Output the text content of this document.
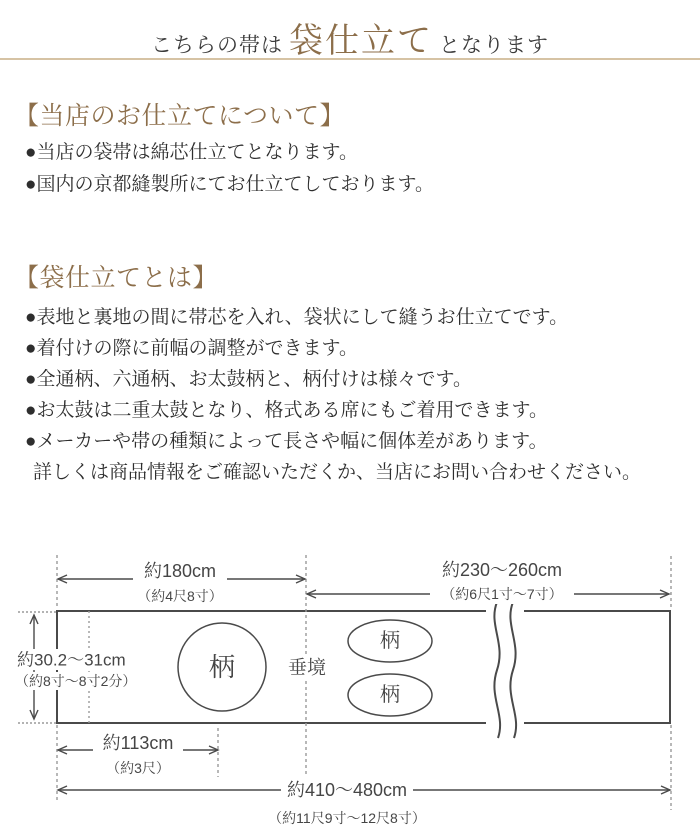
こちらの帯は 袋仕立て となります
【当店のお仕立てについて】
●当店の袋帯は綿芯仕立てとなります。
●国内の京都縫製所にてお仕立てしております。
【袋仕立てとは】
●表地と裏地の間に帯芯を入れ、袋状にして縫うお仕立てです。
●着付けの際に前幅の調整ができます。
●全通柄、六通柄、お太鼓柄と、柄付けは様々です。
●お太鼓は二重太鼓となり、格式ある席にもご着用できます。
●メーカーや帯の種類によって長さや幅に個体差があります。
詳しくは商品情報をご確認いただくか、当店にお問い合わせください。
柄
柄
柄
垂境
約180cm
（約4尺8寸）
約230〜260cm
（約6尺1寸〜7寸）
約30.2〜31cm
（約8寸〜8寸2分）
約113cm
（約3尺）
約410〜480cm
（約11尺9寸〜12尺8寸）
